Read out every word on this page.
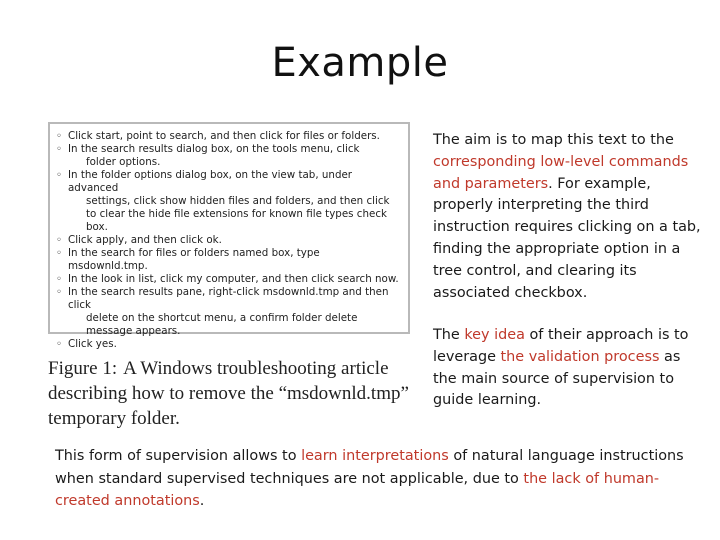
Example
◦ Click start, point to search, and then click for files or folders.
◦ In the search results dialog box, on the tools menu, click
folder options.
◦ In the folder options dialog box, on the view tab, under advanced
settings, click show hidden files and folders, and then click to clear the hide file extensions for known file types check box.
◦ Click apply, and then click ok.
◦ In the search for files or folders named box, type msdownld.tmp.
◦ In the look in list, click my computer, and then click search now.
◦ In the search results pane, right-click msdownld.tmp and then click
delete on the shortcut menu, a confirm folder delete message appears.
◦ Click yes.
Figure 1: A Windows troubleshooting article describing how to remove the “msdownld.tmp” temporary folder.
The aim is to map this text to the corresponding low-level commands and parameters. For example, properly interpreting the third instruction requires clicking on a tab, finding the appropriate option in a tree control, and clearing its associated checkbox.
The key idea of their approach is to leverage the validation process as the main source of supervision to guide learning.
This form of supervision allows to learn interpretations of natural language instructions when standard supervised techniques are not applicable, due to the lack of human-created annotations.
